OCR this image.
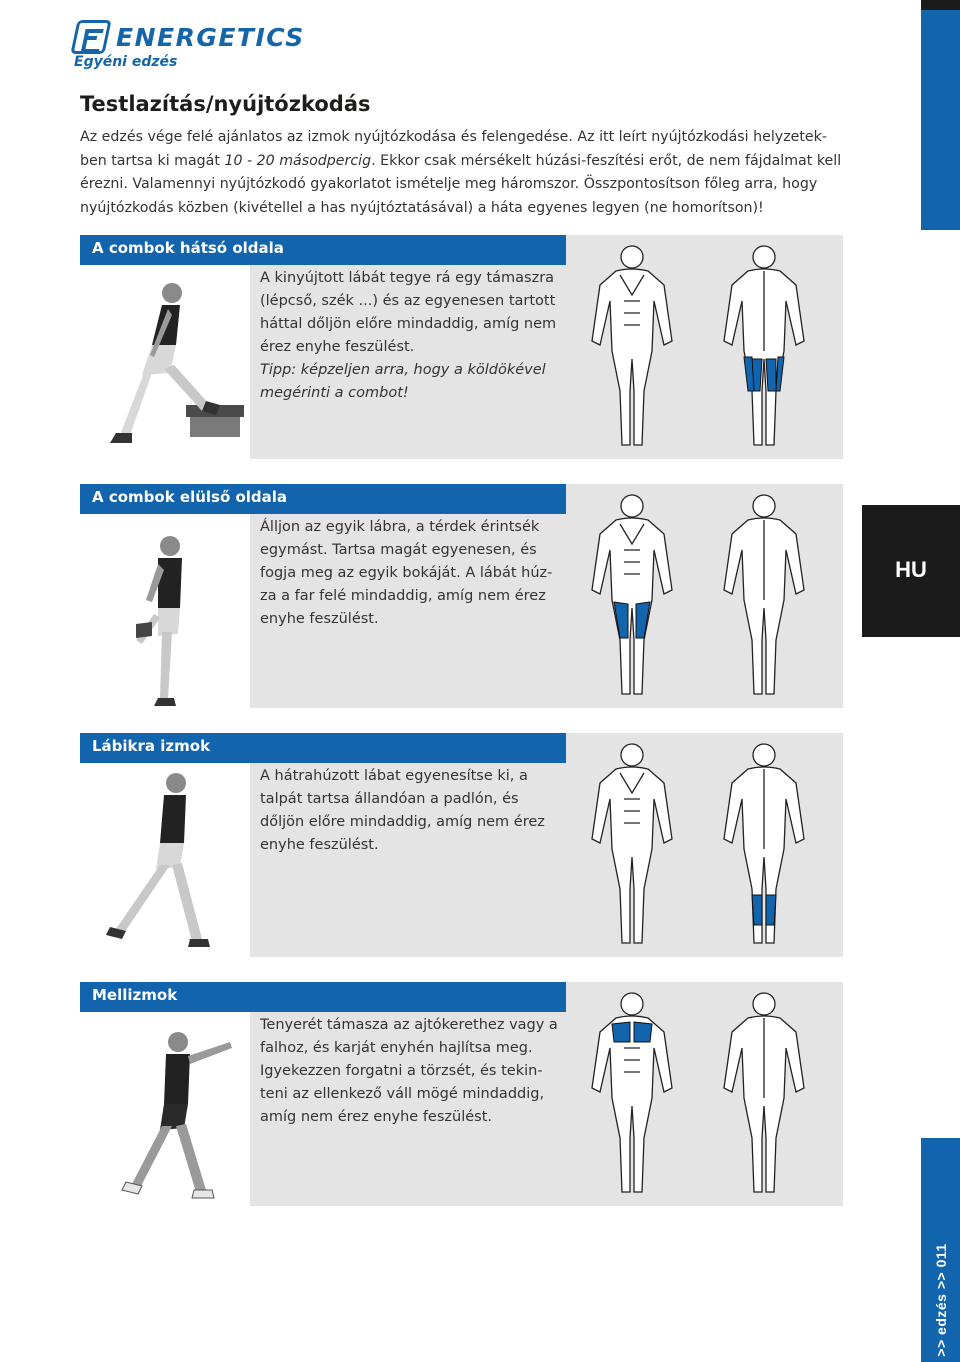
ENERGETICS
Egyéni edzés
HU
>> edzés >> 011
Testlazítás/nyújtózkodás

Az edzés vége felé ajánlatos az izmok nyújtózkodása és felengedése. Az itt leírt nyújtózkodási helyzetek-ben tartsa ki magát 10 - 20 másodpercig. Ekkor csak mérsékelt húzási-feszítési erőt, de nem fájdalmat kell érezni. Valamennyi nyújtózkodó gyakorlatot ismételje meg háromszor. Összpontosítson főleg arra, hogy nyújtózkodás közben (kivétellel a has nyújtóztatásával) a háta egyenes legyen (ne homorítson)!

A combok hátsó oldala
A kinyújtott lábát tegye rá egy támaszra (lépcső, szék ...) és az egyenesen tartott háttal dőljön előre mindaddig, amíg nem érez enyhe feszülést.
Tipp: képzeljen arra, hogy a köldökével megérinti a combot!
A combok elülső oldala
Álljon az egyik lábra, a térdek érintsék egymást. Tartsa magát egyenesen, és fogja meg az egyik bokáját. A lábát húz-za a far felé mindaddig, amíg nem érez enyhe feszülést.
Lábikra izmok
A hátrahúzott lábat egyenesítse ki, a talpát tartsa állandóan a padlón, és dőljön előre mindaddig, amíg nem érez enyhe feszülést.
Mellizmok
Tenyerét támasza az ajtókerethez vagy a falhoz, és karját enyhén hajlítsa meg. Igyekezzen forgatni a törzsét, és tekin-teni az ellenkező váll mögé mindaddig, amíg nem érez enyhe feszülést.
